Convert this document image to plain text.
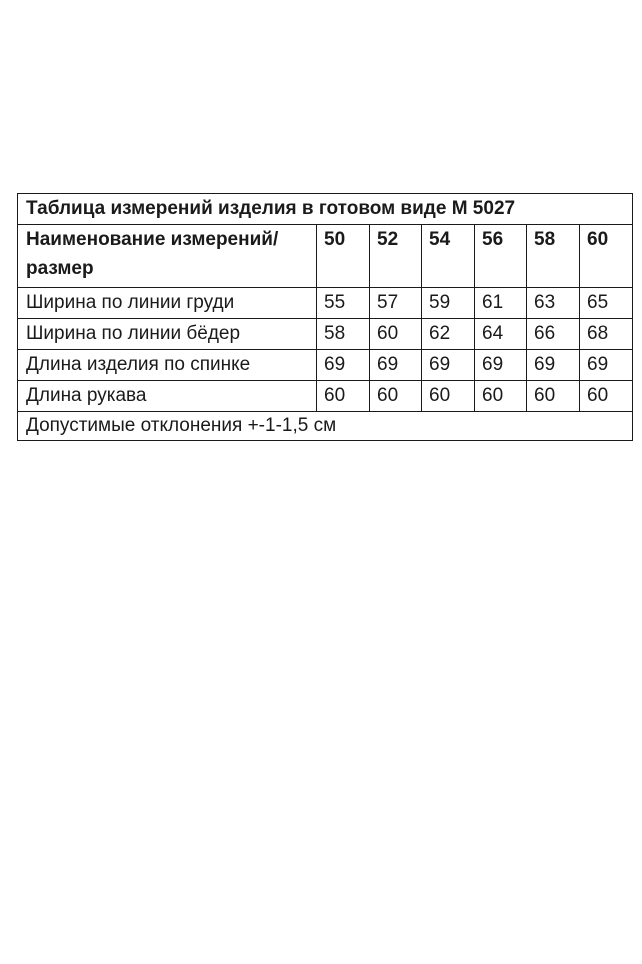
Таблица измерений изделия в готовом виде М 5027						
Наименование измерений/размер	50	52	54	56	58	60
Ширина по линии груди	55	57	59	61	63	65
Ширина по линии бёдер	58	60	62	64	66	68
Длина изделия по спинке	69	69	69	69	69	69
Длина рукава	60	60	60	60	60	60
Допустимые отклонения +-1-1,5 см						
